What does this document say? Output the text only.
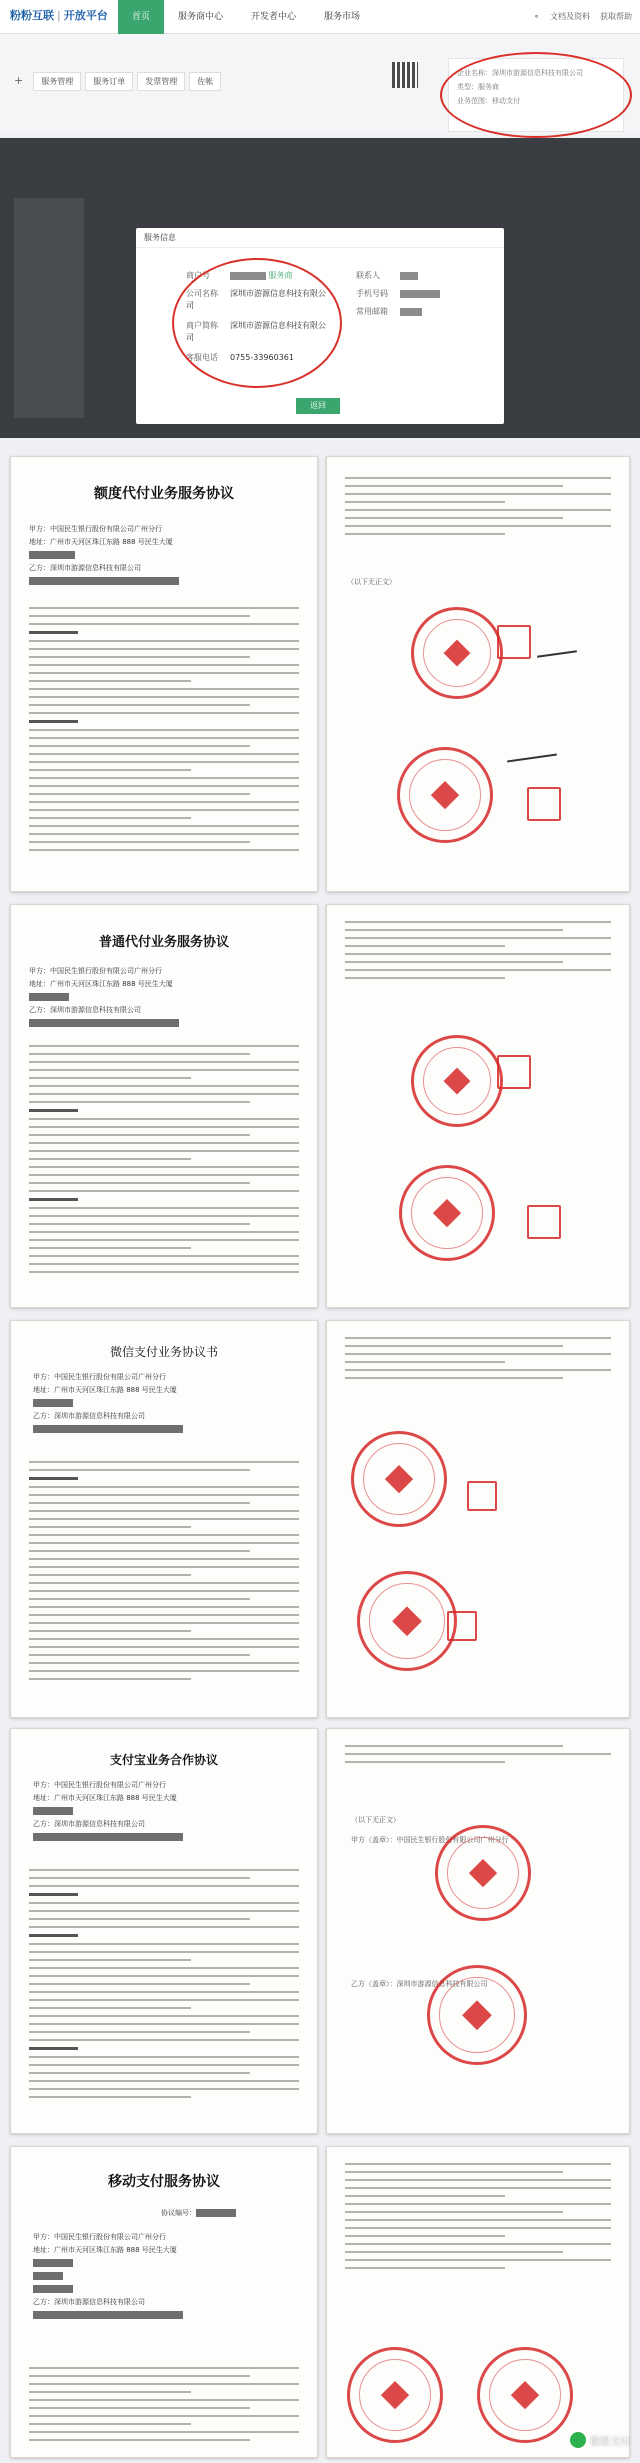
粉粉互联 | 开放平台	首页	服务商中心	开发者中心	服务市场	⚬ 文档及资料 获取帮助
+	服务管理	服务订单	发票管理	佐帐
企业名称：深圳市游源信息科技有限公司
类型：服务商
业务范围：移动支付
服务信息
商户号	服务商
公司名称 深圳市游源信息科技有限公司
商户简称 深圳市游源信息科技有限公司
客服电话 0755-33960361
联系人
手机号码
常用邮箱
返回
额度代付业务服务协议
甲方：中国民生银行股份有限公司广州分行
地址：广州市天河区珠江东路 888 号民生大厦
乙方：深圳市游源信息科技有限公司
（以下无正文）
普通代付业务服务协议
甲方：中国民生银行股份有限公司广州分行
地址：广州市天河区珠江东路 888 号民生大厦
乙方：深圳市游源信息科技有限公司
微信支付业务协议书
甲方：中国民生银行股份有限公司广州分行
地址：广州市天河区珠江东路 888 号民生大厦
乙方：深圳市游源信息科技有限公司
支付宝业务合作协议
甲方：中国民生银行股份有限公司广州分行
地址：广州市天河区珠江东路 888 号民生大厦
乙方：深圳市游源信息科技有限公司	（以下无正文）
甲方（盖章）：中国民生银行股份有限公司广州分行
乙方（盖章）：深圳市游源信息科技有限公司
移动支付服务协议
协议编号：
甲方：中国民生银行股份有限公司广州分行
地址：广州市天河区珠江东路 888 号民生大厦
乙方：深圳市游源信息科技有限公司
敬银支付
